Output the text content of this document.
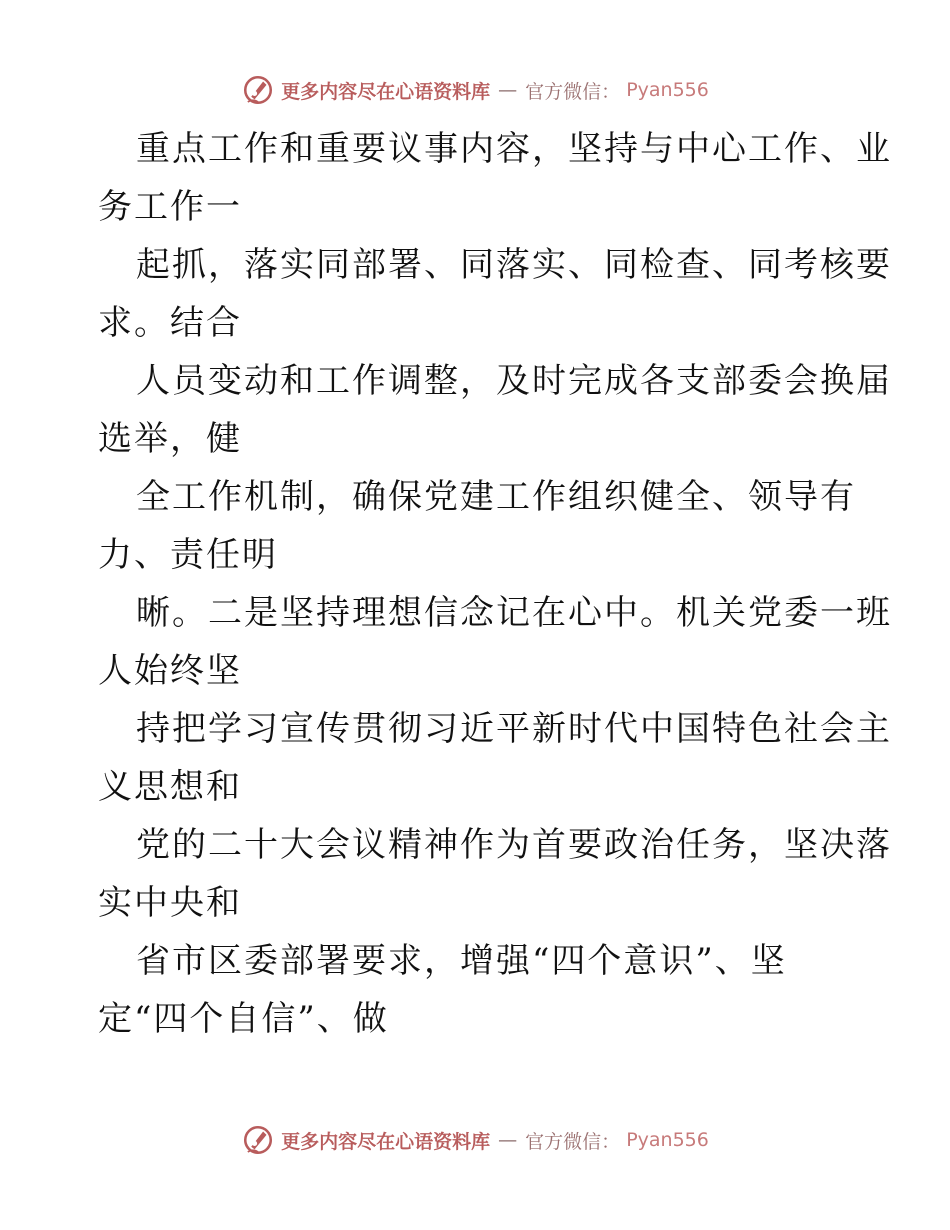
更多内容尽在心语资料库 — 官方微信： Pyan556
重点工作和重要议事内容，坚持与中心工作、业
务工作一
起抓，落实同部署、同落实、同检查、同考核要
求。结合
人员变动和工作调整，及时完成各支部委会换届
选举，健
全工作机制，确保党建工作组织健全、领导有
力、责任明
晰。二是坚持理想信念记在心中。机关党委一班
人始终坚
持把学习宣传贯彻习近平新时代中国特色社会主
义思想和
党的二十大会议精神作为首要政治任务，坚决落
实中央和
省市区委部署要求，增强“四个意识”、坚
定“四个自信”、做
更多内容尽在心语资料库 — 官方微信： Pyan556
